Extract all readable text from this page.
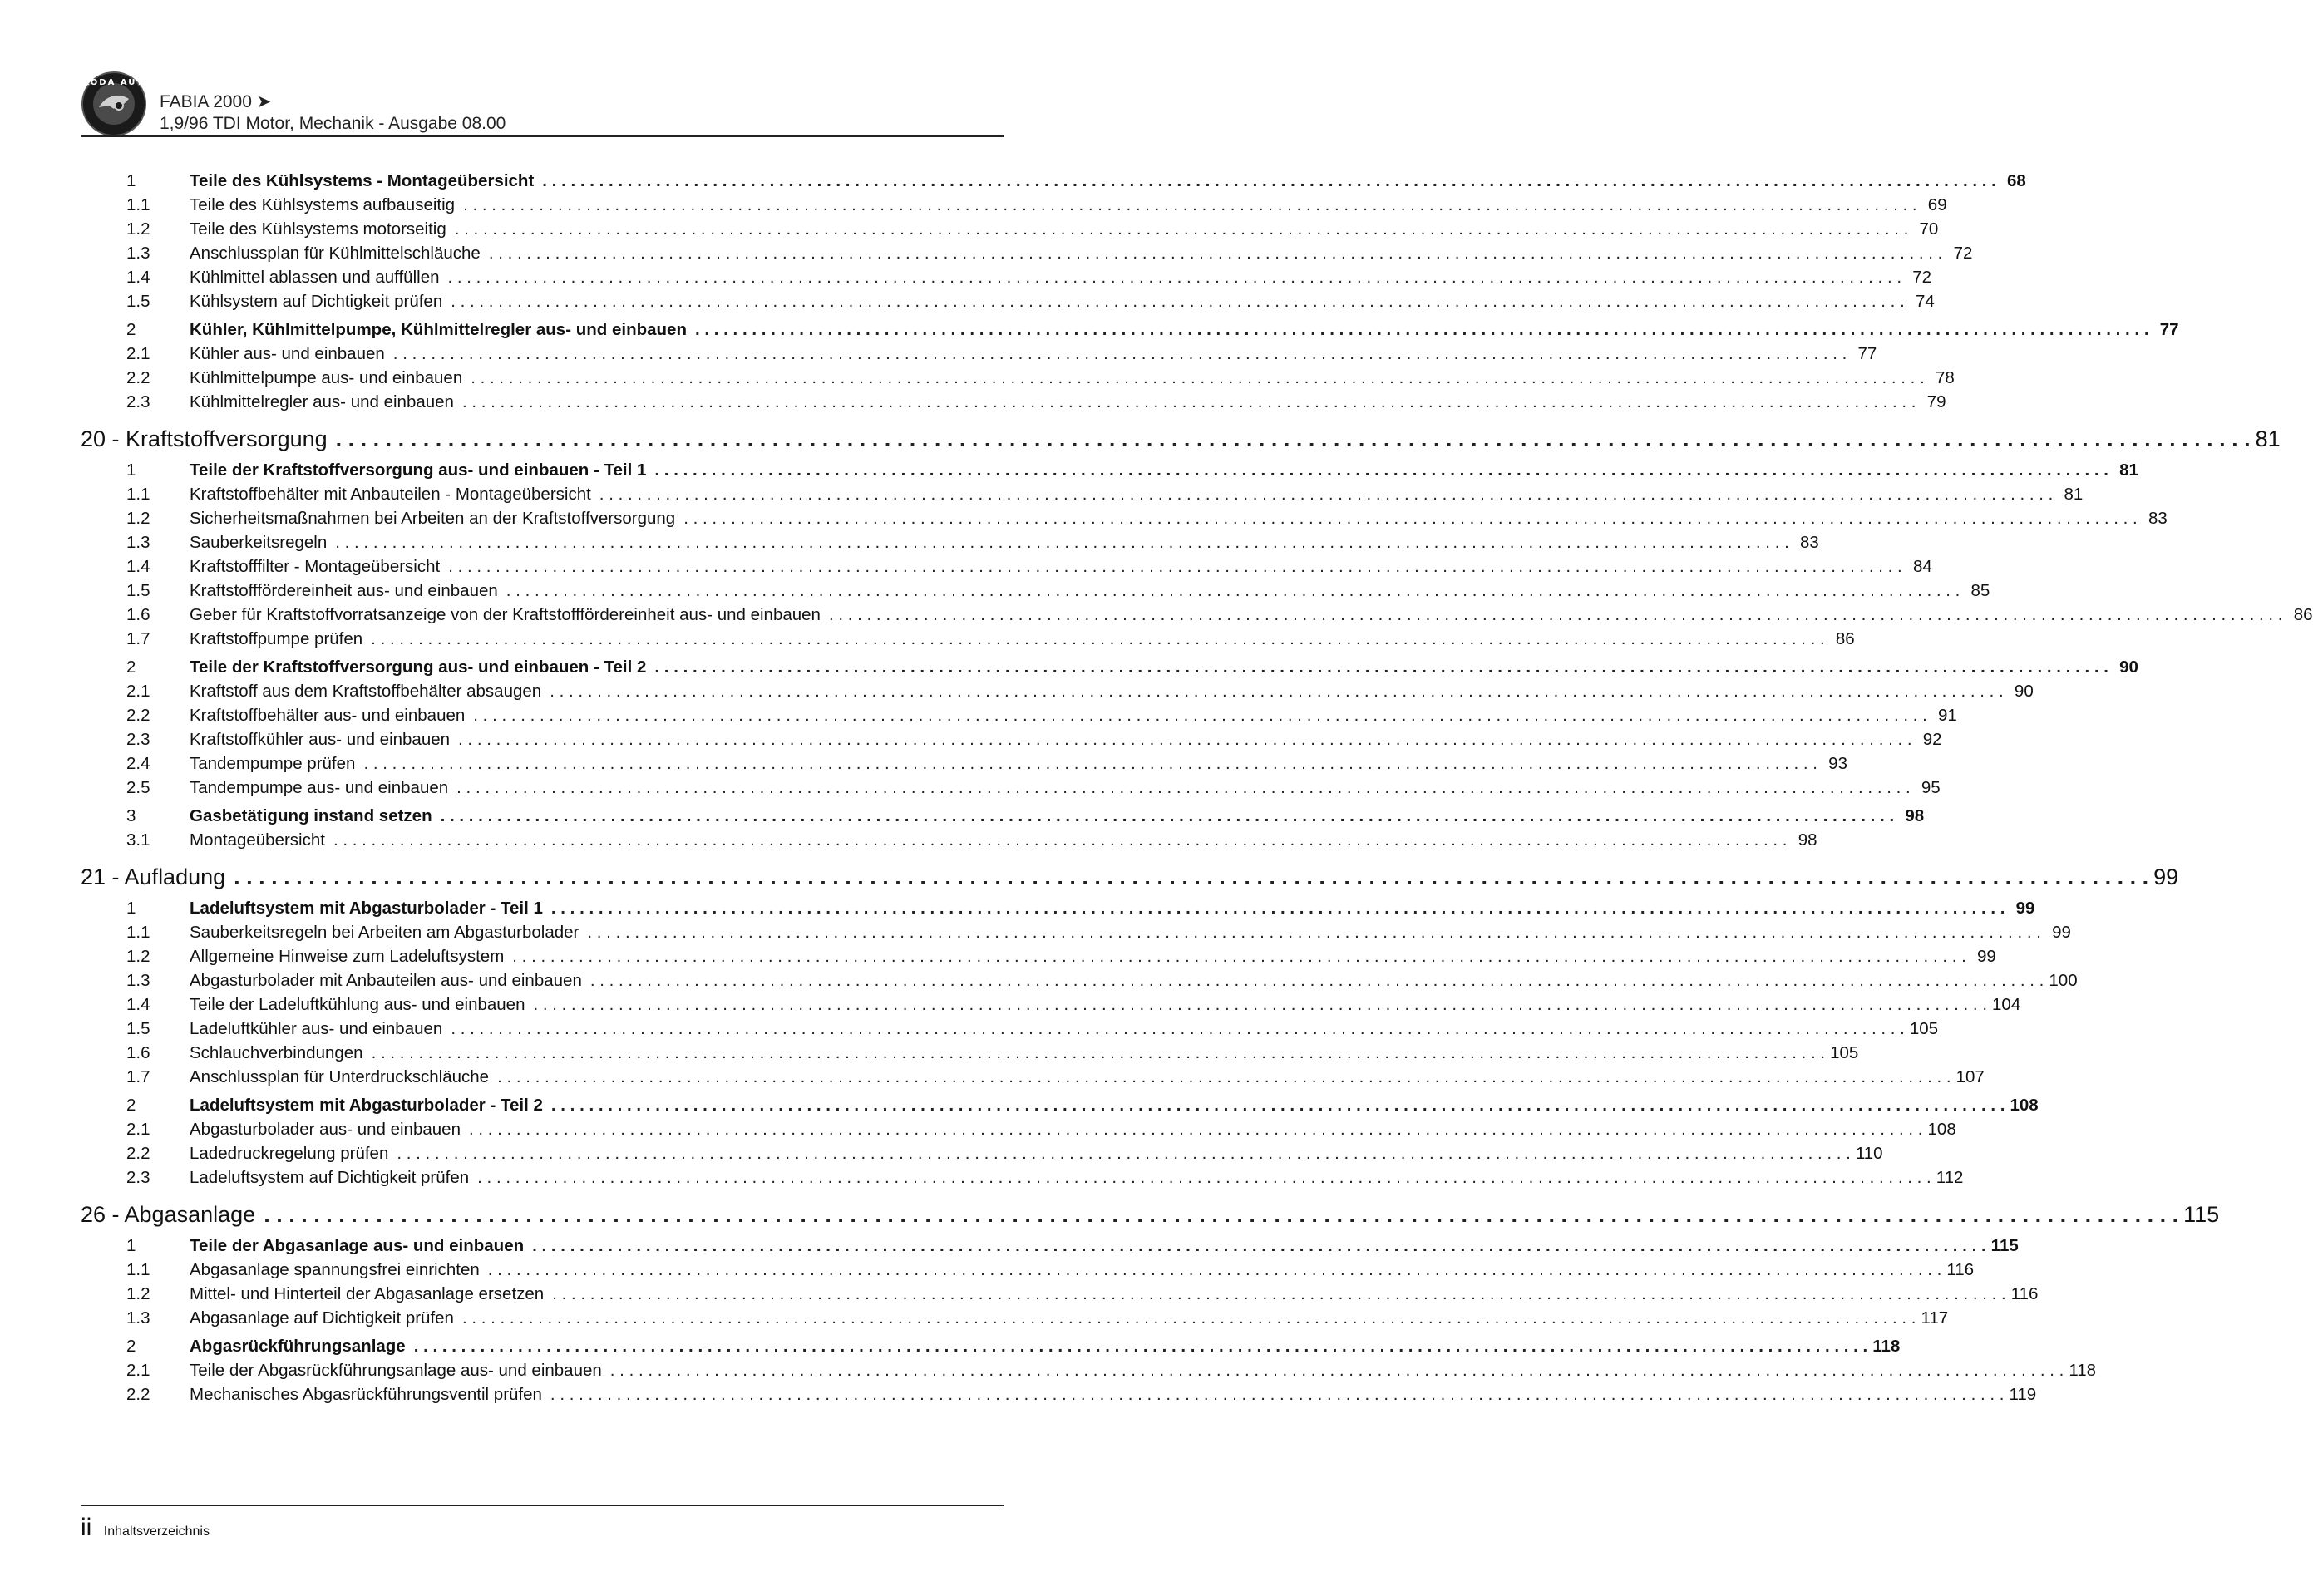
ŠKODA AUTO
FABIA 2000 ➤
1,9/96 TDI Motor, Mechanik - Ausgabe 08.00
1	Teile des Kühlsystems - Montageübersicht . . .	68
1.1 Teile des Kühlsystems aufbauseitig . . .	69
1.2 Teile des Kühlsystems motorseitig . . .	70
1.3 Anschlussplan für Kühlmittelschläuche . . .	72
1.4 Kühlmittel ablassen und auffüllen . . .	72
1.5 Kühlsystem auf Dichtigkeit prüfen . . .	74
2	Kühler, Kühlmittelpumpe, Kühlmittelregler aus- und einbauen . . .	77
2.1 Kühler aus- und einbauen . . .	77
2.2 Kühlmittelpumpe aus- und einbauen . . .	78
2.3 Kühlmittelregler aus- und einbauen . . .	79
20 - Kraftstoffversorgung . . .	81
1	Teile der Kraftstoffversorgung aus- und einbauen - Teil 1 . . .	81
1.1 Kraftstoffbehälter mit Anbauteilen - Montageübersicht . . .	81
1.2 Sicherheitsmaßnahmen bei Arbeiten an der Kraftstoffversorgung . . .	83
1.3 Sauberkeitsregeln . . .	83
1.4 Kraftstofffilter - Montageübersicht . . .	84
1.5 Kraftstofffördereinheit aus- und einbauen . . .	85
1.6 Geber für Kraftstoffvorratsanzeige von der Kraftstofffördereinheit aus- und einbauen . . .	86
1.7 Kraftstoffpumpe prüfen . . .	86
2	Teile der Kraftstoffversorgung aus- und einbauen - Teil 2 . . .	90
2.1 Kraftstoff aus dem Kraftstoffbehälter absaugen . . .	90
2.2 Kraftstoffbehälter aus- und einbauen . . .	91
2.3 Kraftstoffkühler aus- und einbauen . . .	92
2.4 Tandempumpe prüfen . . .	93
2.5 Tandempumpe aus- und einbauen . . .	95
3	Gasbetätigung instand setzen . . .	98
3.1 Montageübersicht . . .	98
21 - Aufladung . . .	99
1	Ladeluftsystem mit Abgasturbolader - Teil 1 . . .	99
1.1 Sauberkeitsregeln bei Arbeiten am Abgasturbolader . . .	99
1.2 Allgemeine Hinweise zum Ladeluftsystem . . .	99
1.3 Abgasturbolader mit Anbauteilen aus- und einbauen . . .	100
1.4 Teile der Ladeluftkühlung aus- und einbauen . . .	104
1.5 Ladeluftkühler aus- und einbauen . . .	105
1.6 Schlauchverbindungen . . .	105
1.7 Anschlussplan für Unterdruckschläuche . . .	107
2	Ladeluftsystem mit Abgasturbolader - Teil 2 . . .	108
2.1 Abgasturbolader aus- und einbauen . . .	108
2.2 Ladedruckregelung prüfen . . .	110
2.3 Ladeluftsystem auf Dichtigkeit prüfen . . .	112
26 - Abgasanlage . . .	115
1	Teile der Abgasanlage aus- und einbauen . . .	115
1.1 Abgasanlage spannungsfrei einrichten . . .	116
1.2 Mittel- und Hinterteil der Abgasanlage ersetzen . . .	116
1.3 Abgasanlage auf Dichtigkeit prüfen . . .	117
2	Abgasrückführungsanlage . . .	118
2.1 Teile der Abgasrückführungsanlage aus- und einbauen . . .	118
2.2 Mechanisches Abgasrückführungsventil prüfen . . .	119
ii Inhaltsverzeichnis
